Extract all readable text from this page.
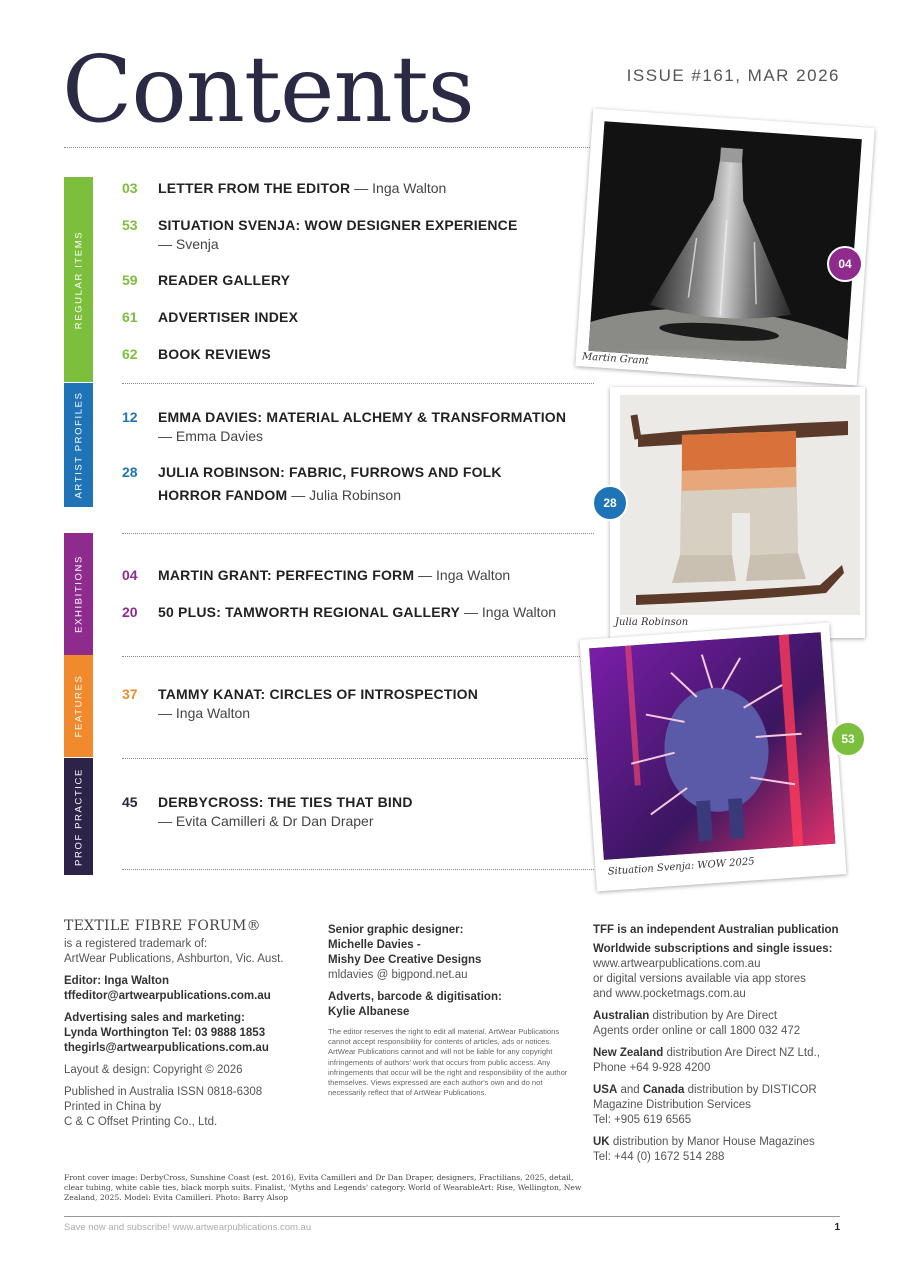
Contents	ISSUE #161, MAR 2026
REGULAR ITEMS
ARTIST PROFILES
EXHIBITIONS
FEATURES
PROF PRACTICE
03 LETTER FROM THE EDITOR — Inga Walton
53 SITUATION SVENJA: WOW DESIGNER EXPERIENCE
— Svenja
59 READER GALLERY
61 ADVERTISER INDEX
62 BOOK REVIEWS
12 EMMA DAVIES: MATERIAL ALCHEMY & TRANSFORMATION
— Emma Davies
28 JULIA ROBINSON: FABRIC, FURROWS AND FOLK HORROR FANDOM — Julia Robinson
04 MARTIN GRANT: PERFECTING FORM — Inga Walton
20 50 PLUS: TAMWORTH REGIONAL GALLERY — Inga Walton
37 TAMMY KANAT: CIRCLES OF INTROSPECTION
— Inga Walton
45 DERBYCROSS: THE TIES THAT BIND
— Evita Camilleri & Dr Dan Draper
Martin Grant
Julia Robinson
Situation Svenja: WOW 2025
04
28
53

TEXTILE FIBRE FORUM®

is a registered trademark of:
ArtWear Publications, Ashburton, Vic. Aust.

Editor: Inga Walton
tffeditor@artwearpublications.com.au

Advertising sales and marketing:
Lynda Worthington Tel: 03 9888 1853
thegirls@artwearpublications.com.au

Layout & design: Copyright © 2026

Published in Australia ISSN 0818-6308
Printed in China by
C & C Offset Printing Co., Ltd.

Senior graphic designer:
Michelle Davies -
Mishy Dee Creative Designs
mldavies @ bigpond.net.au

Adverts, barcode & digitisation:
Kylie Albanese

The editor reserves the right to edit all material. ArtWear Publications cannot accept responsibility for contents of articles, ads or notices. ArtWear Publications cannot and will not be liable for any copyright infringements of authors' work that occurs from public access. Any infringements that occur will be the right and responsibility of the author themselves. Views expressed are each author's own and do not necessarily reflect that of ArtWear Publications.

TFF is an independent Australian publication

Worldwide subscriptions and single issues:
www.artwearpublications.com.au
or digital versions available via app stores
and www.pocketmags.com.au

Australian distribution by Are Direct
Agents order online or call 1800 032 472

New Zealand distribution Are Direct NZ Ltd.,
Phone +64 9-928 4200

USA and Canada distribution by DISTICOR
Magazine Distribution Services
Tel: +905 619 6565

UK distribution by Manor House Magazines
Tel: +44 (0) 1672 514 288

Front cover image: DerbyCross, Sunshine Coast (est. 2016), Evita Camilleri and Dr Dan Draper, designers, Fractilians, 2025, detail, clear tubing, white cable ties, black morph suits. Finalist, 'Myths and Legends' category. World of WearableArt: Rise, Wellington, New Zealand, 2025. Model: Evita Camilleri. Photo: Barry Alsop
Save now and subscribe! www.artwearpublications.com.au	1
